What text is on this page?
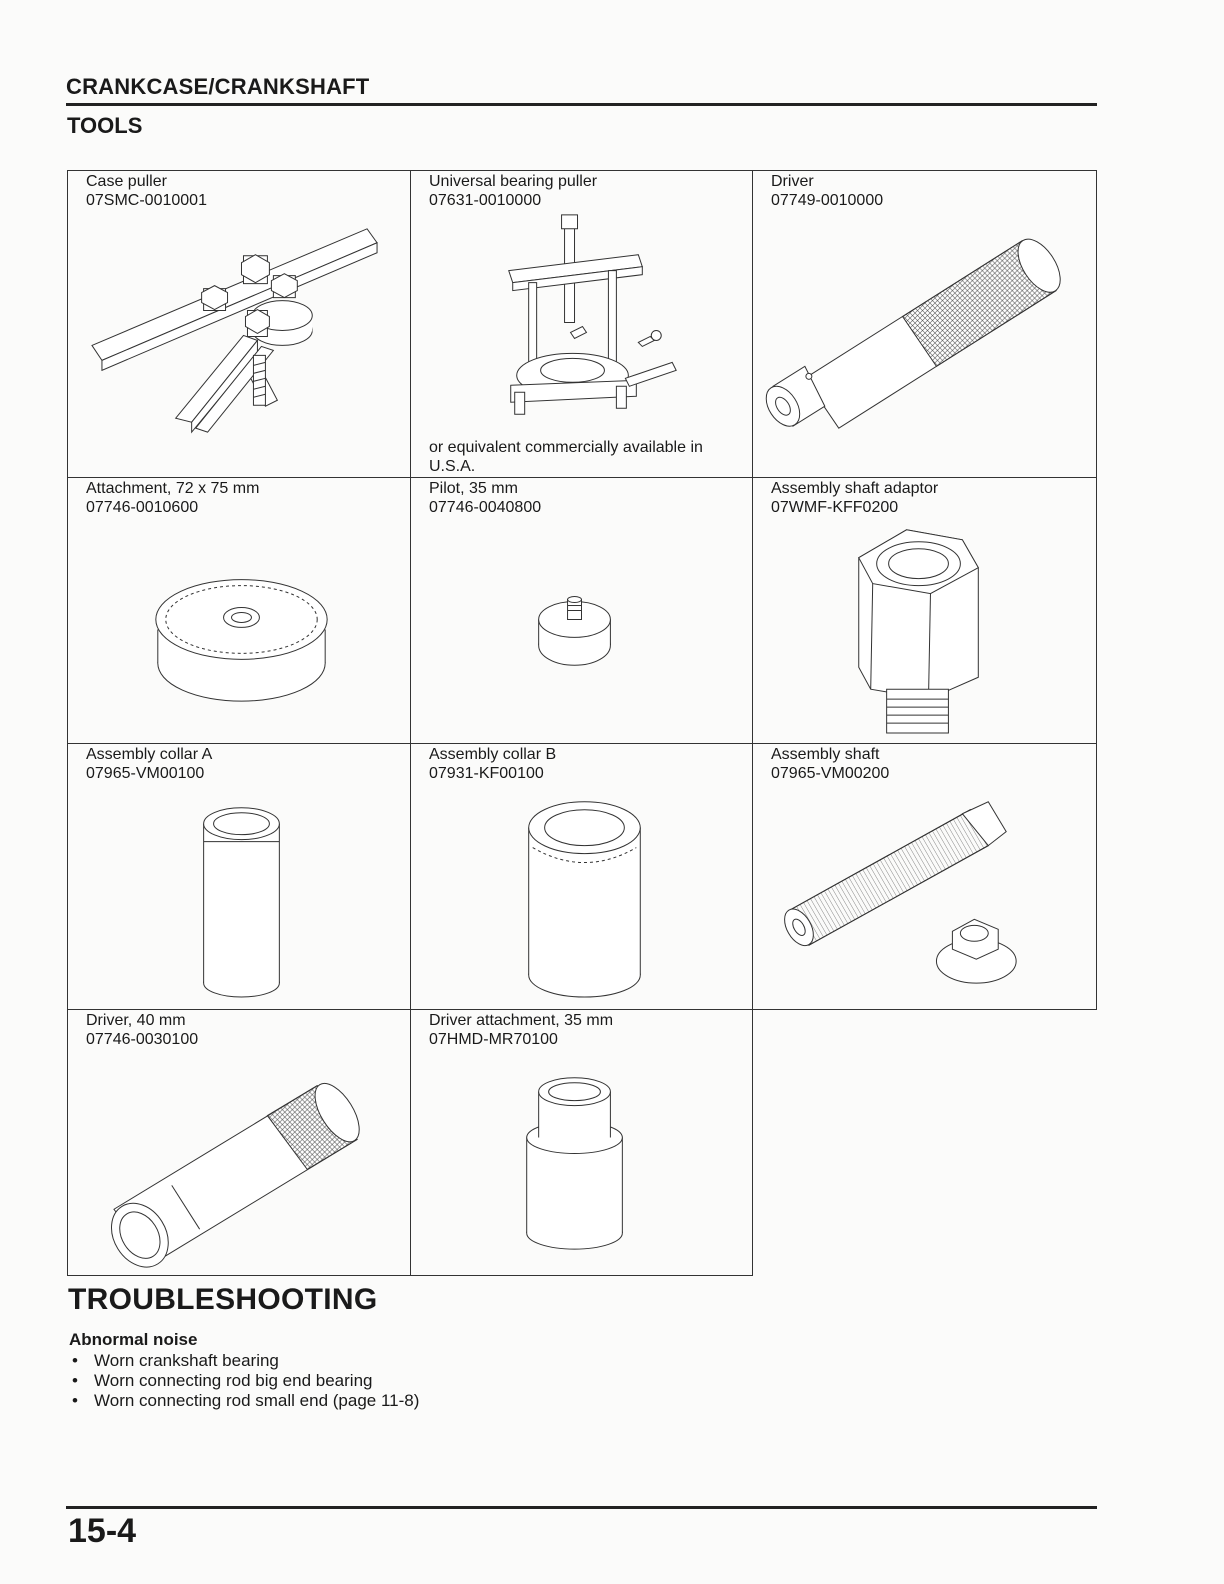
CRANKCASE/CRANKSHAFT
TOOLS
Case puller
07SMC-0010001
Universal bearing puller
07631-0010000
or equivalent commercially available in U.S.A.
Driver
07749-0010000
Attachment, 72 x 75 mm
07746-0010600
Pilot, 35 mm
07746-0040800
Assembly shaft adaptor
07WMF-KFF0200
Assembly collar A
07965-VM00100
Assembly collar B
07931-KF00100
Assembly shaft
07965-VM00200
Driver, 40 mm
07746-0030100
Driver attachment, 35 mm
07HMD-MR70100
TROUBLESHOOTING
Abnormal noise
• Worn crankshaft bearing
• Worn connecting rod big end bearing
• Worn connecting rod small end (page 11-8)
15-4
